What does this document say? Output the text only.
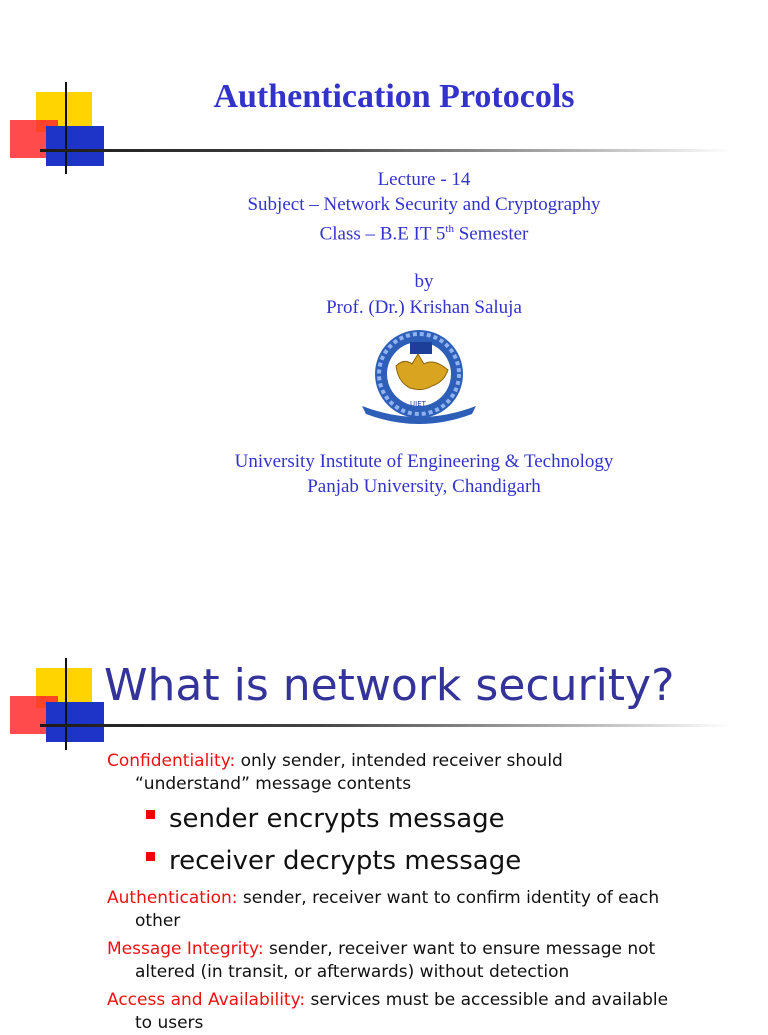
Authentication Protocols
Lecture - 14
Subject – Network Security and Cryptography
Class – B.E IT 5th Semester
by
Prof. (Dr.) Krishan Saluja
UIET
University Institute of Engineering & Technology
Panjab University, Chandigarh
What is network security?
Confidentiality: only sender, intended receiver should
“understand” message contents
sender encrypts message
receiver decrypts message
Authentication: sender, receiver want to confirm identity of each
other
Message Integrity: sender, receiver want to ensure message not
altered (in transit, or afterwards) without detection
Access and Availability: services must be accessible and available
to users
